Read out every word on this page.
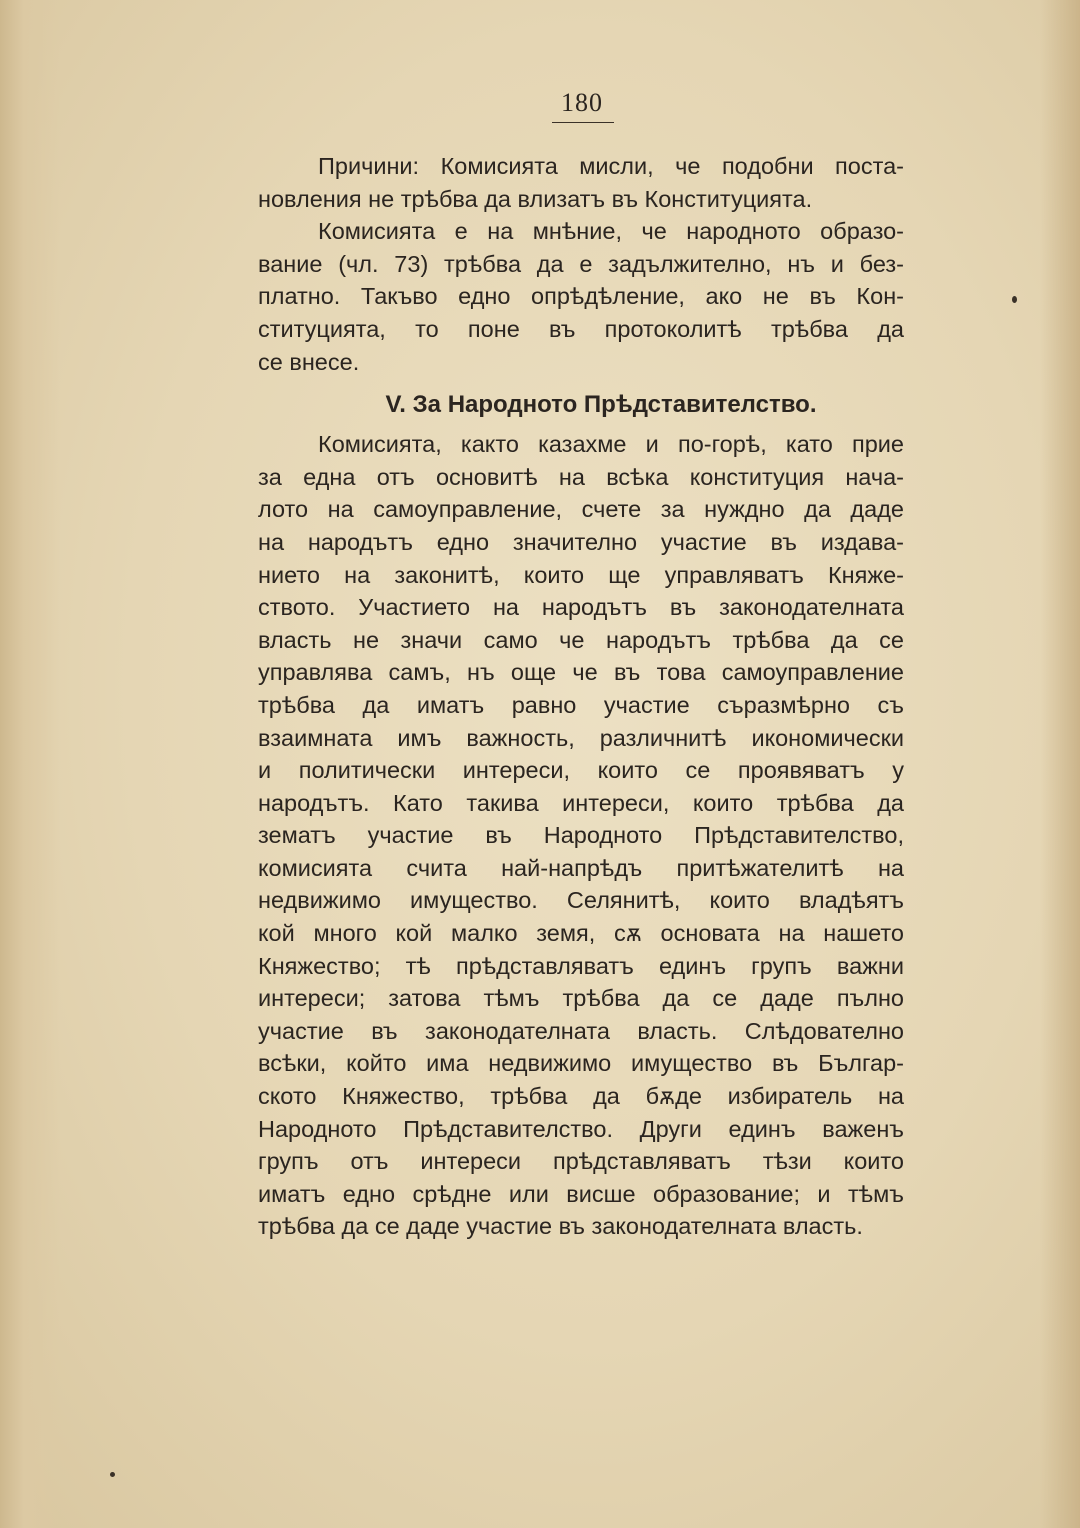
180
Причини: Комисията мисли, че подобни поста-
новления не трѣбва да влизатъ въ Конституцията.
Комисията е на мнѣние, че народното образо-
вание (чл. 73) трѣбва да е задължително, нъ и без-
платно. Такъво едно опрѣдѣление, ако не въ Кон-
ституцията, то поне въ протоколитѣ трѣбва да
се внесе.
V. За Народното Прѣдставителство.
Комисията, както казахме и по-горѣ, като прие
за една отъ основитѣ на всѣка конституция нача-
лото на самоуправление, счете за нуждно да даде
на народътъ едно значително участие въ издава-
нието на законитѣ, които ще управляватъ Княже-
ството. Участието на народътъ въ законодателната
власть не значи само че народътъ трѣбва да се
управлява самъ, нъ още че въ това самоуправление
трѣбва да иматъ равно участие съразмѣрно съ
взаимната имъ важность, различнитѣ икономически
и политически интереси, които се проявяватъ у
народътъ. Като такива интереси, които трѣбва да
зематъ участие въ Народното Прѣдставителство,
комисията счита най-напрѣдъ притѣжателитѣ на
недвижимо имущество. Селянитѣ, които владѣятъ
кой много кой малко земя, сѫ основата на нашето
Княжество; тѣ прѣдставляватъ единъ групъ важни
интереси; затова тѣмъ трѣбва да се даде пълно
участие въ законодателната власть. Слѣдователно
всѣки, който има недвижимо имущество въ Българ-
ското Княжество, трѣбва да бѫде избиратель на
Народното Прѣдставителство. Други единъ важенъ
групъ отъ интереси прѣдставляватъ тѣзи които
иматъ едно срѣдне или висше образование; и тѣмъ
трѣбва да се даде участие въ законодателната власть.
